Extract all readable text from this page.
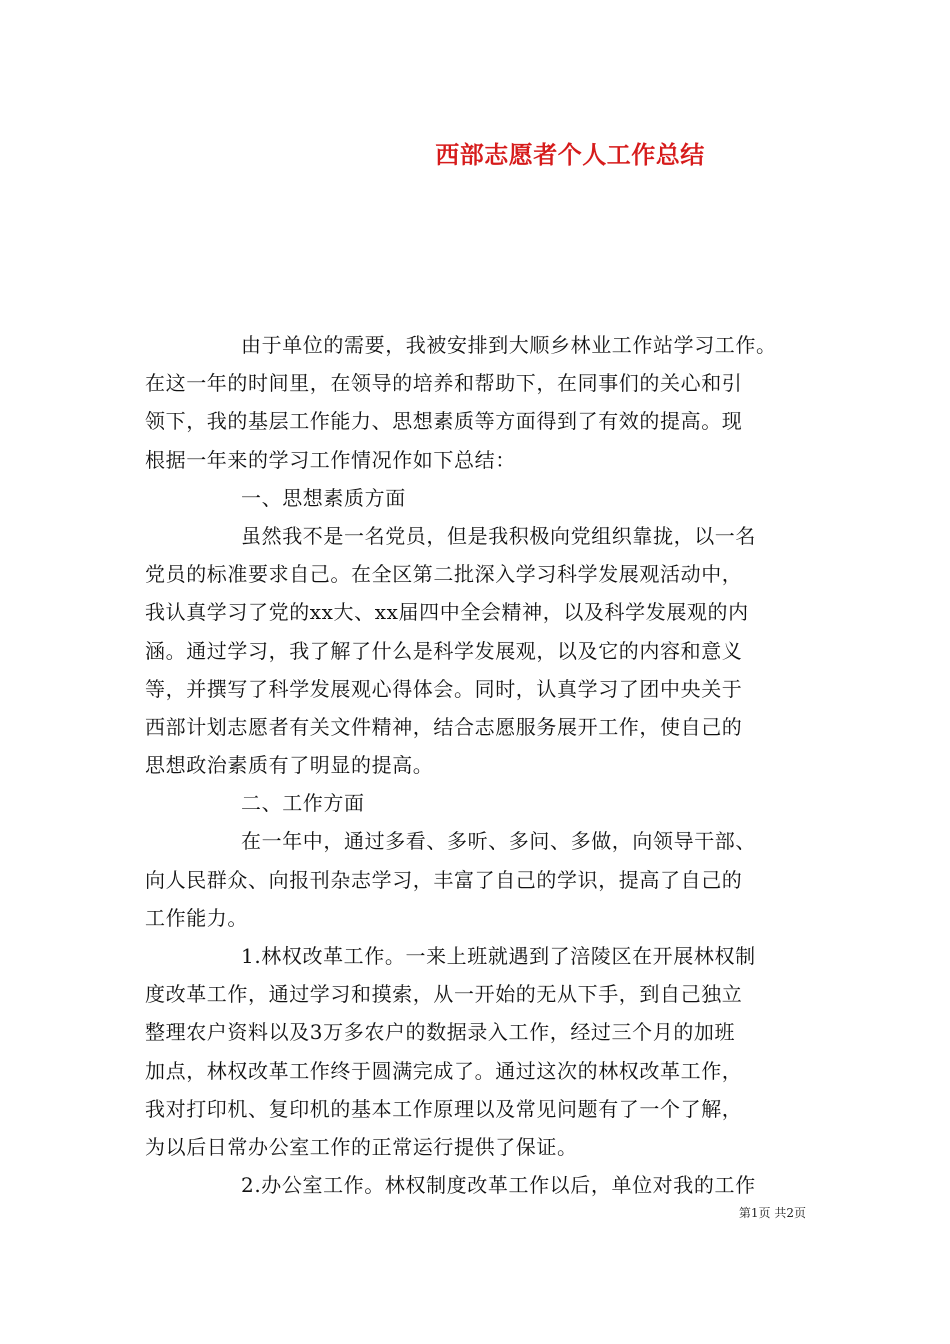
西部志愿者个人工作总结
由于单位的需要，我被安排到大顺乡林业工作站学习工作。
在这一年的时间里，在领导的培养和帮助下，在同事们的关心和引
领下，我的基层工作能力、思想素质等方面得到了有效的提高。现
根据一年来的学习工作情况作如下总结：
一、思想素质方面
虽然我不是一名党员，但是我积极向党组织靠拢，以一名
党员的标准要求自己。在全区第二批深入学习科学发展观活动中，
我认真学习了党的xx大、xx届四中全会精神，以及科学发展观的内
涵。通过学习，我了解了什么是科学发展观，以及它的内容和意义
等，并撰写了科学发展观心得体会。同时，认真学习了团中央关于
西部计划志愿者有关文件精神，结合志愿服务展开工作，使自己的
思想政治素质有了明显的提高。
二、工作方面
在一年中，通过多看、多听、多问、多做，向领导干部、
向人民群众、向报刊杂志学习，丰富了自己的学识，提高了自己的
工作能力。
1.林权改革工作。一来上班就遇到了涪陵区在开展林权制
度改革工作，通过学习和摸索，从一开始的无从下手，到自己独立
整理农户资料以及3万多农户的数据录入工作，经过三个月的加班
加点，林权改革工作终于圆满完成了。通过这次的林权改革工作，
我对打印机、复印机的基本工作原理以及常见问题有了一个了解，
为以后日常办公室工作的正常运行提供了保证。
2.办公室工作。林权制度改革工作以后，单位对我的工作
第1页 共2页
